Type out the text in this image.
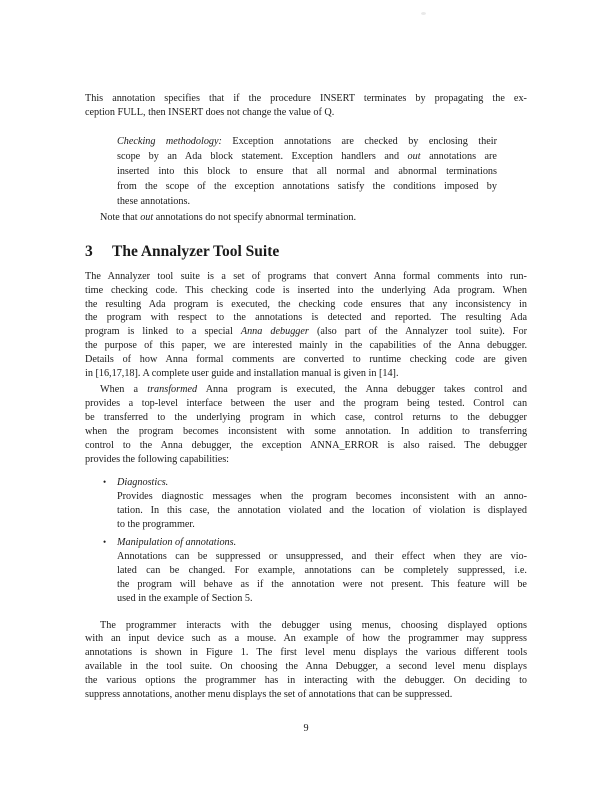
This annotation specifies that if the procedure INSERT terminates by propagating the ex-
ception FULL, then INSERT does not change the value of Q.
Checking methodology: Exception annotations are checked by enclosing their
scope by an Ada block statement. Exception handlers and out annotations are
inserted into this block to ensure that all normal and abnormal terminations
from the scope of the exception annotations satisfy the conditions imposed by
these annotations.
Note that out annotations do not specify abnormal termination.
3 The Annalyzer Tool Suite
The Annalyzer tool suite is a set of programs that convert Anna formal comments into run-
time checking code. This checking code is inserted into the underlying Ada program. When
the resulting Ada program is executed, the checking code ensures that any inconsistency in
the program with respect to the annotations is detected and reported. The resulting Ada
program is linked to a special Anna debugger (also part of the Annalyzer tool suite). For
the purpose of this paper, we are interested mainly in the capabilities of the Anna debugger.
Details of how Anna formal comments are converted to runtime checking code are given
in [16,17,18]. A complete user guide and installation manual is given in [14].
When a transformed Anna program is executed, the Anna debugger takes control and
provides a top-level interface between the user and the program being tested. Control can
be transferred to the underlying program in which case, control returns to the debugger
when the program becomes inconsistent with some annotation. In addition to transferring
control to the Anna debugger, the exception ANNA_ERROR is also raised. The debugger
provides the following capabilities:
• Diagnostics.
Provides diagnostic messages when the program becomes inconsistent with an anno-
tation. In this case, the annotation violated and the location of violation is displayed
to the programmer.
• Manipulation of annotations.
Annotations can be suppressed or unsuppressed, and their effect when they are vio-
lated can be changed. For example, annotations can be completely suppressed, i.e.
the program will behave as if the annotation were not present. This feature will be
used in the example of Section 5.
The programmer interacts with the debugger using menus, choosing displayed options
with an input device such as a mouse. An example of how the programmer may suppress
annotations is shown in Figure 1. The first level menu displays the various different tools
available in the tool suite. On choosing the Anna Debugger, a second level menu displays
the various options the programmer has in interacting with the debugger. On deciding to
suppress annotations, another menu displays the set of annotations that can be suppressed.
9
